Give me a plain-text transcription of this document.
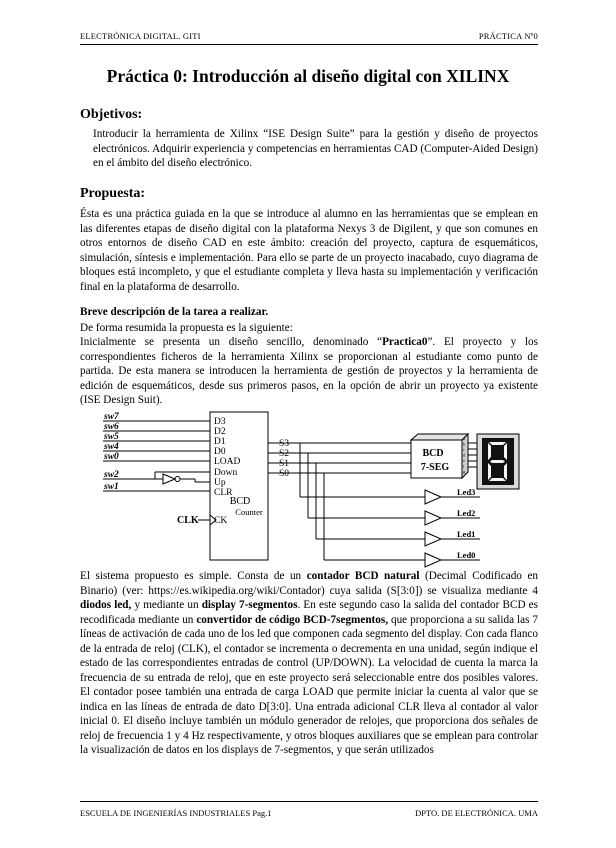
ELECTRÓNICA DIGITAL. GITI	PRÁCTICA Nº0
Práctica 0: Introducción al diseño digital con XILINX
Objetivos:

Introducir la herramienta de Xilinx “ISE Design Suite” para la gestión y diseño de proyectos electrónicos. Adquirir experiencia y competencias en herramientas CAD (Computer-Aided Design) en el ámbito del diseño electrónico.

Propuesta:

Ésta es una práctica guiada en la que se introduce al alumno en las herramientas que se emplean en las diferentes etapas de diseño digital con la plataforma Nexys 3 de Digilent, y que son comunes en otros entornos de diseño CAD en este ámbito: creación del proyecto, captura de esquemáticos, simulación, síntesis e implementación. Para ello se parte de un proyecto inacabado, cuyo diagrama de bloques está incompleto, y que el estudiante completa y lleva hasta su implementación y verificación final en la plataforma de desarrollo.

Breve descripción de la tarea a realizar.

De forma resumida la propuesta es la siguiente:

Inicialmente se presenta un diseño sencillo, denominado “Practica0”. El proyecto y los correspondientes ficheros de la herramienta Xilinx se proporcionan al estudiante como punto de partida. De esta manera se introducen la herramienta de gestión de proyectos y la herramienta de edición de esquemáticos, desde sus primeros pasos, en la opción de abrir un proyecto ya existente (ISE Design Suit).

sw7
sw6
sw5
sw4
sw0
sw2
sw1
D3
D2
D1
D0
LOAD
Down
Up
CLR
S3
S2
S1
S0
Led3
Led2
Led1
Led0
a
b
c
d
e
f
g
BCD
Counter
CK
CLK
BCD
7-SEG

El sistema propuesto es simple. Consta de un contador BCD natural (Decimal Codificado en Binario) (ver: https://es.wikipedia.org/wiki/Contador) cuya salida (S[3:0]) se visualiza mediante 4 diodos led, y mediante un display 7-segmentos. En este segundo caso la salida del contador BCD es recodificada mediante un convertidor de código BCD-7segmentos, que proporciona a su salida las 7 líneas de activación de cada uno de los led que componen cada segmento del display. Con cada flanco de la entrada de reloj (CLK), el contador se incrementa o decrementa en una unidad, según indique el estado de las correspondientes entradas de control (UP/DOWN). La velocidad de cuenta la marca la frecuencia de su entrada de reloj, que en este proyecto será seleccionable entre dos posibles valores. El contador posee también una entrada de carga LOAD que permite iniciar la cuenta al valor que se indica en las líneas de entrada de dato D[3:0]. Una entrada adicional CLR lleva al contador al valor inicial 0. El diseño incluye también un módulo generador de relojes, que proporciona dos señales de reloj de frecuencia 1 y 4 Hz respectivamente, y otros bloques auxiliares que se emplean para controlar la visualización de datos en los displays de 7-segmentos, y que serán utilizados

ESCUELA DE INGENIERÍAS INDUSTRIALES Pag.1	DPTO. DE ELECTRÓNICA. UMA
